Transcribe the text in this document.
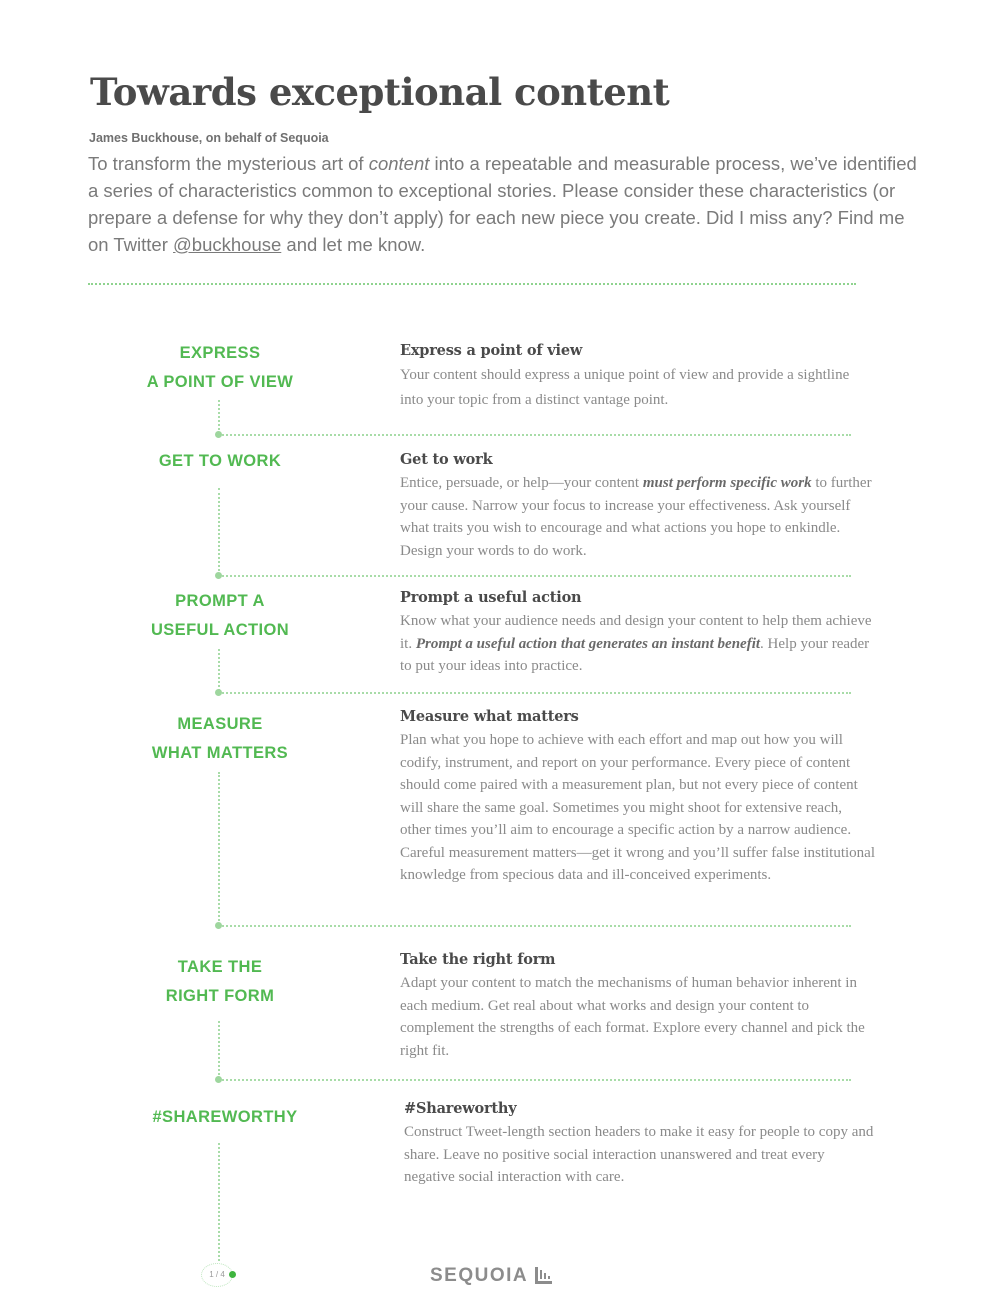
Towards exceptional content
James Buckhouse, on behalf of Sequoia

To transform the mysterious art of content into a repeatable and measurable process, we’ve identified a series of characteristics common to exceptional stories. Please consider these characteristics (or prepare a defense for why they don’t apply) for each new piece you create. Did I miss any? Find me on Twitter @buckhouse and let me know.

EXPRESS
A POINT OF VIEW
Express a point of view

Your content should express a unique point of view and provide a sightline into your topic from a distinct vantage point.

GET TO WORK	Get to work

Entice, persuade, or help—your content must perform specific work to further your cause. Narrow your focus to increase your effectiveness. Ask yourself what traits you wish to encourage and what actions you hope to enkindle. Design your words to do work.

PROMPT A
USEFUL ACTION
Prompt a useful action

Know what your audience needs and design your content to help them achieve it. Prompt a useful action that generates an instant benefit. Help your reader to put your ideas into practice.

MEASURE
WHAT MATTERS
Measure what matters

Plan what you hope to achieve with each effort and map out how you will codify, instrument, and report on your performance. Every piece of content should come paired with a measurement plan, but not every piece of content will share the same goal. Sometimes you might shoot for extensive reach, other times you’ll aim to encourage a specific action by a narrow audience. Careful measurement matters—get it wrong and you’ll suffer false institutional knowledge from specious data and ill-conceived experiments.

TAKE THE
RIGHT FORM
Take the right form

Adapt your content to match the mechanisms of human behavior inherent in each medium. Get real about what works and design your content to complement the strengths of each format. Explore every channel and pick the right fit.

#SHAREWORTHY	#Shareworthy

Construct Tweet-length section headers to make it easy for people to copy and share. Leave no positive social interaction unanswered and treat every negative social interaction with care.

1 / 4	SEQUOIA
